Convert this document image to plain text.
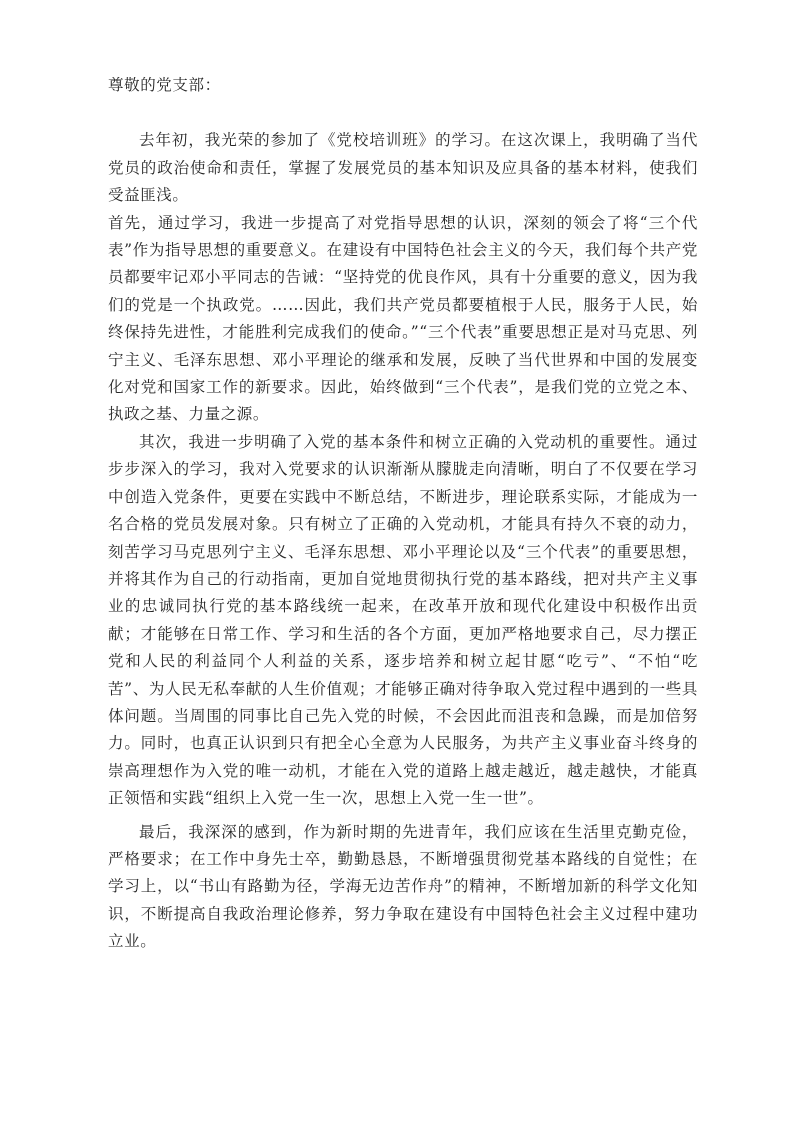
尊敬的党支部：

去年初，我光荣的参加了《党校培训班》的学习。在这次课上，我明确了当代党员的政治使命和责任，掌握了发展党员的基本知识及应具备的基本材料，使我们受益匪浅。

首先，通过学习，我进一步提高了对党指导思想的认识，深刻的领会了将“三个代表”作为指导思想的重要意义。在建设有中国特色社会主义的今天，我们每个共产党员都要牢记邓小平同志的告诫：“坚持党的优良作风，具有十分重要的意义，因为我们的党是一个执政党。……因此，我们共产党员都要植根于人民，服务于人民，始终保持先进性，才能胜利完成我们的使命。”“三个代表”重要思想正是对马克思、列宁主义、毛泽东思想、邓小平理论的继承和发展，反映了当代世界和中国的发展变化对党和国家工作的新要求。因此，始终做到“三个代表”，是我们党的立党之本、执政之基、力量之源。

其次，我进一步明确了入党的基本条件和树立正确的入党动机的重要性。通过步步深入的学习，我对入党要求的认识渐渐从朦胧走向清晰，明白了不仅要在学习中创造入党条件，更要在实践中不断总结，不断进步，理论联系实际，才能成为一名合格的党员发展对象。只有树立了正确的入党动机，才能具有持久不衰的动力，刻苦学习马克思列宁主义、毛泽东思想、邓小平理论以及“三个代表”的重要思想，并将其作为自己的行动指南，更加自觉地贯彻执行党的基本路线，把对共产主义事业的忠诚同执行党的基本路线统一起来，在改革开放和现代化建设中积极作出贡献；才能够在日常工作、学习和生活的各个方面，更加严格地要求自己，尽力摆正党和人民的利益同个人利益的关系，逐步培养和树立起甘愿“吃亏”、“不怕“吃苦”、为人民无私奉献的人生价值观；才能够正确对待争取入党过程中遇到的一些具体问题。当周围的同事比自己先入党的时候，不会因此而沮丧和急躁，而是加倍努力。同时，也真正认识到只有把全心全意为人民服务，为共产主义事业奋斗终身的崇高理想作为入党的唯一动机，才能在入党的道路上越走越近，越走越快，才能真正领悟和实践“组织上入党一生一次，思想上入党一生一世”。

最后，我深深的感到，作为新时期的先进青年，我们应该在生活里克勤克俭，严格要求；在工作中身先士卒，勤勤恳恳，不断增强贯彻党基本路线的自觉性；在学习上，以“书山有路勤为径，学海无边苦作舟”的精神，不断增加新的科学文化知识，不断提高自我政治理论修养，努力争取在建设有中国特色社会主义过程中建功立业。
